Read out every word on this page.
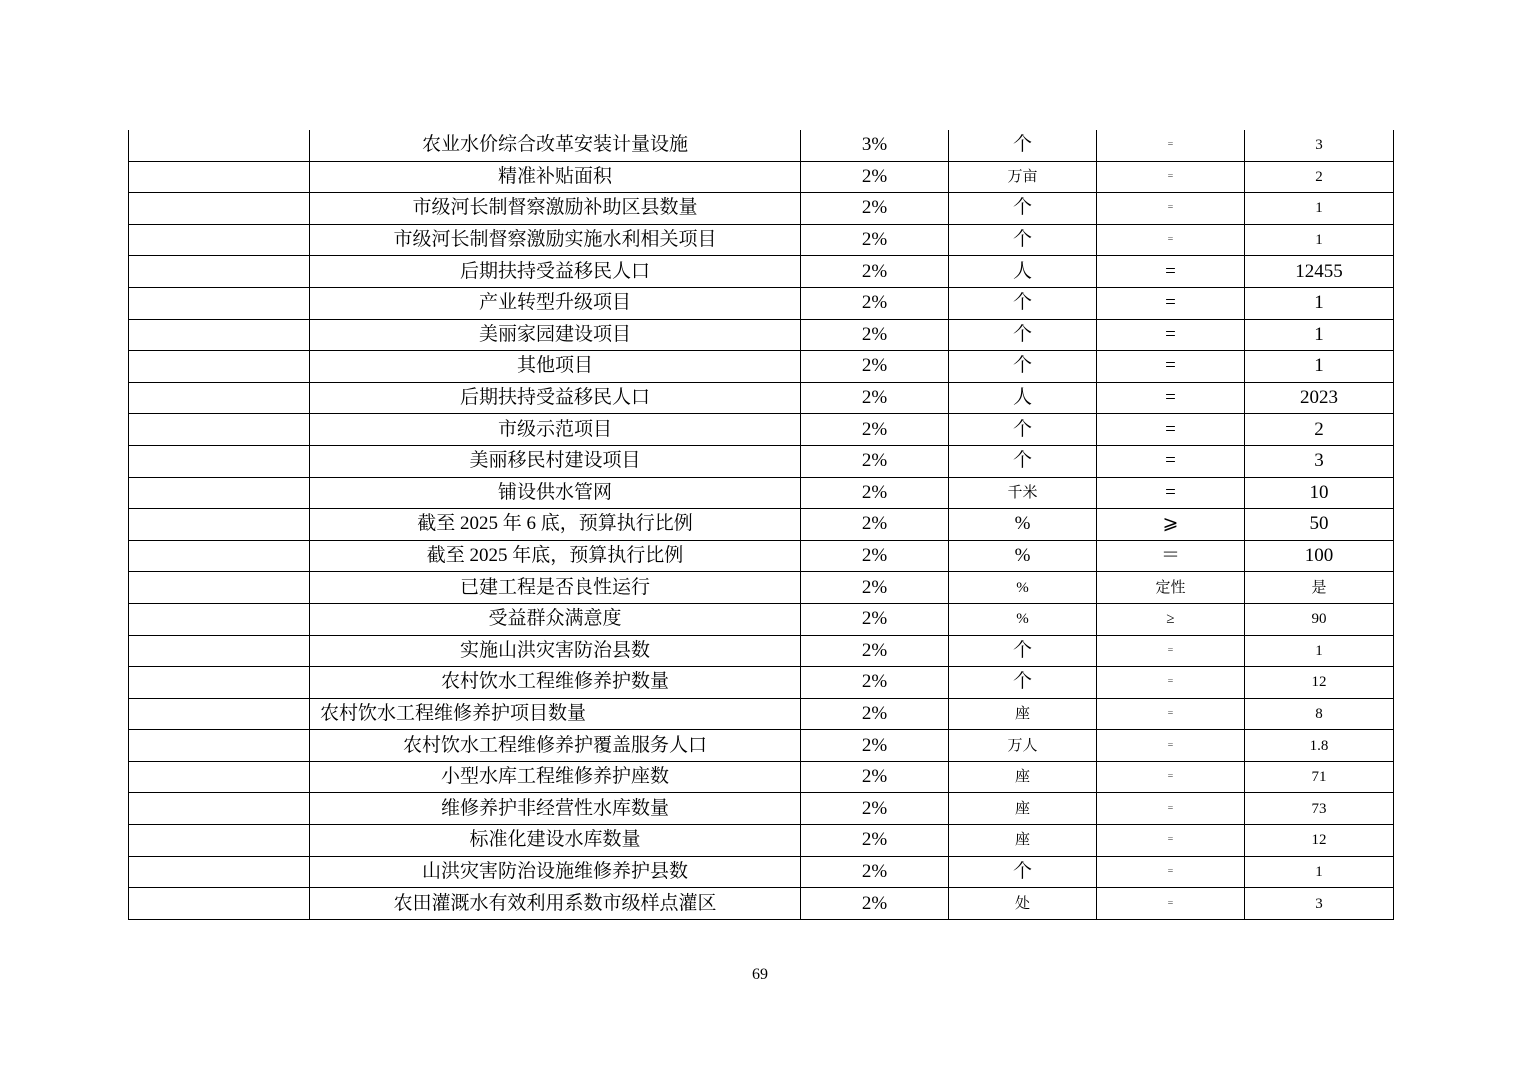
	农业水价综合改革安装计量设施	3%	个	=	3
	精准补贴面积	2%	万亩	=	2
	市级河长制督察激励补助区县数量	2%	个	=	1
	市级河长制督察激励实施水利相关项目	2%	个	=	1
	后期扶持受益移民人口	2%	人	=	12455
	产业转型升级项目	2%	个	=	1
	美丽家园建设项目	2%	个	=	1
	其他项目	2%	个	=	1
	后期扶持受益移民人口	2%	人	=	2023
	市级示范项目	2%	个	=	2
	美丽移民村建设项目	2%	个	=	3
	铺设供水管网	2%	千米	=	10
	截至 2025 年 6 底，预算执行比例	2%	%	⩾	50
	截至 2025 年底，预算执行比例	2%	%	＝	100
	已建工程是否良性运行	2%	%	定性	是
	受益群众满意度	2%	%	≥	90
	实施山洪灾害防治县数	2%	个	=	1
	农村饮水工程维修养护数量	2%	个	=	12
	农村饮水工程维修养护项目数量	2%	座	=	8
	农村饮水工程维修养护覆盖服务人口	2%	万人	=	1.8
	小型水库工程维修养护座数	2%	座	=	71
	维修养护非经营性水库数量	2%	座	=	73
	标准化建设水库数量	2%	座	=	12
	山洪灾害防治设施维修养护县数	2%	个	=	1
	农田灌溉水有效利用系数市级样点灌区	2%	处	=	3
69
